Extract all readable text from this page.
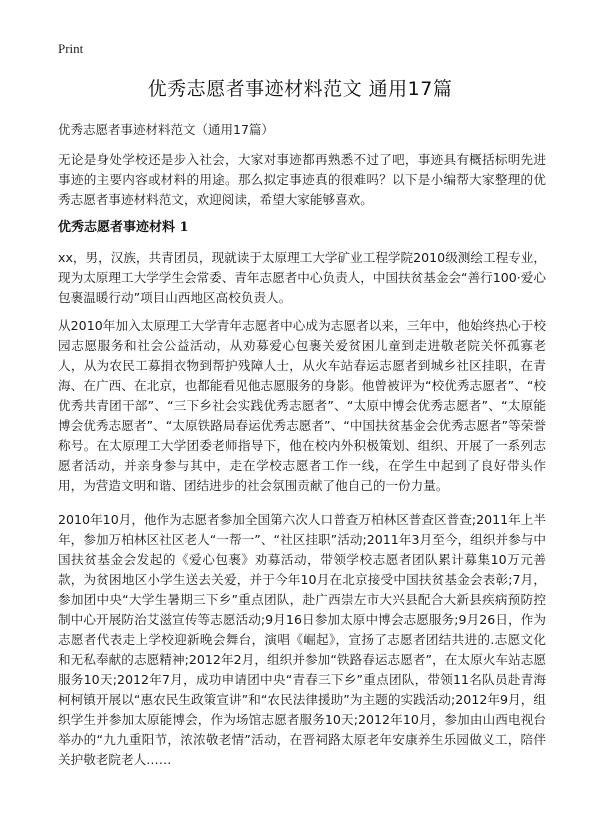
Print
优秀志愿者事迹材料范文 通用17篇
优秀志愿者事迹材料范文（通用17篇）

无论是身处学校还是步入社会，大家对事迹都再熟悉不过了吧，事迹具有概括标明先进事迹的主要内容或材料的用途。那么拟定事迹真的很难吗？以下是小编帮大家整理的优秀志愿者事迹材料范文，欢迎阅读，希望大家能够喜欢。

优秀志愿者事迹材料 1

xx，男，汉族，共青团员，现就读于太原理工大学矿业工程学院2010级测绘工程专业，现为太原理工大学学生会常委、青年志愿者中心负责人，中国扶贫基金会“善行100·爱心包裹温暖行动”项目山西地区高校负责人。

从2010年加入太原理工大学青年志愿者中心成为志愿者以来，三年中，他始终热心于校园志愿服务和社会公益活动，从劝募爱心包裹关爱贫困儿童到走进敬老院关怀孤寡老人，从为农民工募捐衣物到帮护残障人士，从火车站春运志愿者到城乡社区挂职，在青海、在广西、在北京，也都能看见他志愿服务的身影。他曾被评为“校优秀志愿者”、“校优秀共青团干部”、“三下乡社会实践优秀志愿者”、“太原中博会优秀志愿者”、“太原能博会优秀志愿者”、“太原铁路局春运优秀志愿者”、“中国扶贫基金会优秀志愿者”等荣誉称号。在太原理工大学团委老师指导下，他在校内外积极策划、组织、开展了一系列志愿者活动，并亲身参与其中，走在学校志愿者工作一线，在学生中起到了良好带头作用，为营造文明和谐、团结进步的社会氛围贡献了他自己的一份力量。

2010年10月，他作为志愿者参加全国第六次人口普查万柏林区普查区普查;2011年上半年，参加万柏林区社区老人“一帮一”、“社区挂职”活动;2011年3月至今，组织并参与中国扶贫基金会发起的《爱心包裹》劝募活动，带领学校志愿者团队累计募集10万元善款，为贫困地区小学生送去关爱，并于今年10月在北京接受中国扶贫基金会表彰;7月，参加团中央“大学生暑期三下乡”重点团队，赴广西崇左市大兴县配合大新县疾病预防控制中心开展防治艾滋宣传等志愿活动;9月16日参加太原中博会志愿服务;9月26日，作为志愿者代表走上学校迎新晚会舞台，演唱《崛起》，宣扬了志愿者团结共进的.志愿文化和无私奉献的志愿精神;2012年2月，组织并参加“铁路春运志愿者”，在太原火车站志愿服务10天;2012年7月，成功申请团中央“青春三下乡”重点团队，带领11名队员赴青海柯柯镇开展以“惠农民生政策宣讲”和“农民法律援助”为主题的实践活动;2012年9月，组织学生并参加太原能博会，作为场馆志愿者服务10天;2012年10月，参加由山西电视台举办的“九九重阳节，浓浓敬老情”活动，在晋祠路太原老年安康养生乐园做义工，陪伴关护敬老院老人……
